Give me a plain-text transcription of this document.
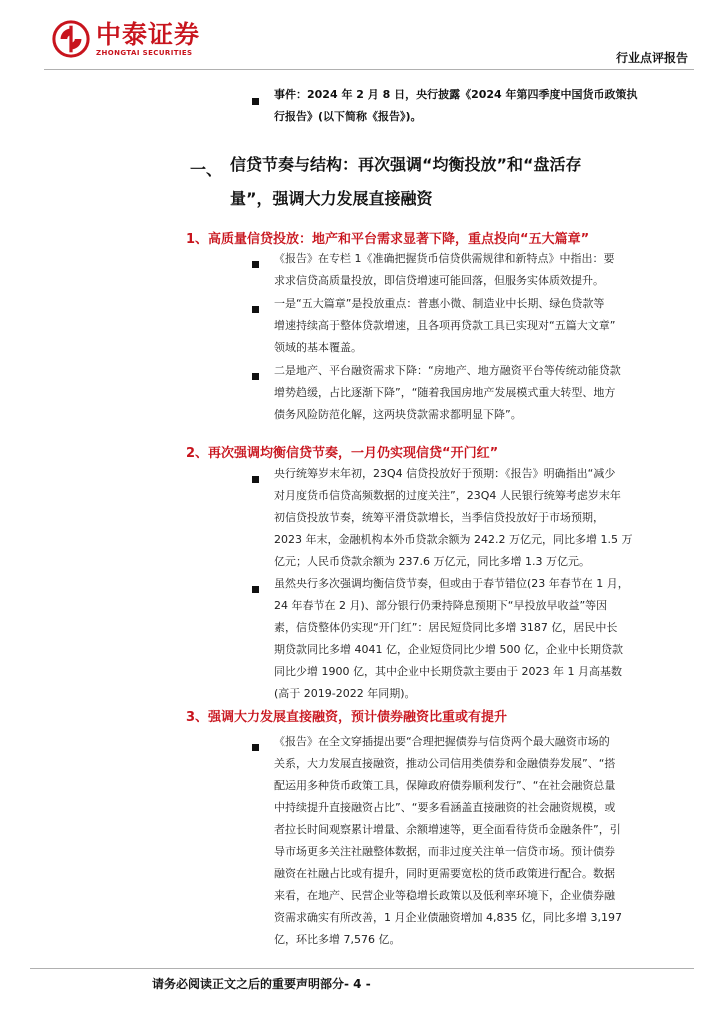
中泰证券
ZHONGTAI SECURITIES	行业点评报告
事件：2024 年 2 月 8 日，央行披露《2024 年第四季度中国货币政策执
行报告》(以下简称《报告》)。
一、 信贷节奏与结构：再次强调“均衡投放”和“盘活存
量”，强调大力发展直接融资
1、高质量信贷投放：地产和平台需求显著下降，重点投向“五大篇章”
《报告》在专栏 1《准确把握货币信贷供需规律和新特点》中指出：要
求求信贷高质量投放，即信贷增速可能回落，但服务实体质效提升。
一是“五大篇章”是投放重点：普惠小微、制造业中长期、绿色贷款等
增速持续高于整体贷款增速，且各项再贷款工具已实现对“五篇大文章”
领域的基本覆盖。
二是地产、平台融资需求下降：“房地产、地方融资平台等传统动能贷款
增势趋缓，占比逐渐下降”，“随着我国房地产发展模式重大转型、地方
债务风险防范化解，这两块贷款需求都明显下降”。
2、再次强调均衡信贷节奏，一月仍实现信贷“开门红”
央行统筹岁末年初，23Q4 信贷投放好于预期：《报告》明确指出“减少
对月度货币信贷高频数据的过度关注”，23Q4 人民银行统筹考虑岁末年
初信贷投放节奏，统筹平滑贷款增长，当季信贷投放好于市场预期，
2023 年末，金融机构本外币贷款余额为 242.2 万亿元，同比多增 1.5 万
亿元；人民币贷款余额为 237.6 万亿元，同比多增 1.3 万亿元。
虽然央行多次强调均衡信贷节奏，但或由于春节错位(23 年春节在 1 月，
24 年春节在 2 月)、部分银行仍秉持降息预期下“早投放早收益”等因
素，信贷整体仍实现“开门红”：居民短贷同比多增 3187 亿，居民中长
期贷款同比多增 4041 亿，企业短贷同比少增 500 亿，企业中长期贷款
同比少增 1900 亿，其中企业中长期贷款主要由于 2023 年 1 月高基数
(高于 2019-2022 年同期)。
3、强调大力发展直接融资，预计债券融资比重或有提升
《报告》在全文穿插提出要“合理把握债券与信贷两个最大融资市场的
关系，大力发展直接融资，推动公司信用类债券和金融债券发展”、“搭
配运用多种货币政策工具，保障政府债券顺利发行”、“在社会融资总量
中持续提升直接融资占比”、“要多看涵盖直接融资的社会融资规模，或
者拉长时间观察累计增量、余额增速等，更全面看待货币金融条件”，引
导市场更多关注社融整体数据，而非过度关注单一信贷市场。预计债券
融资在社融占比或有提升，同时更需要宽松的货币政策进行配合。数据
来看，在地产、民营企业等稳增长政策以及低利率环境下，企业债券融
资需求确实有所改善，1 月企业债融资增加 4,835 亿，同比多增 3,197
亿，环比多增 7,576 亿。
请务必阅读正文之后的重要声明部分- 4 -
